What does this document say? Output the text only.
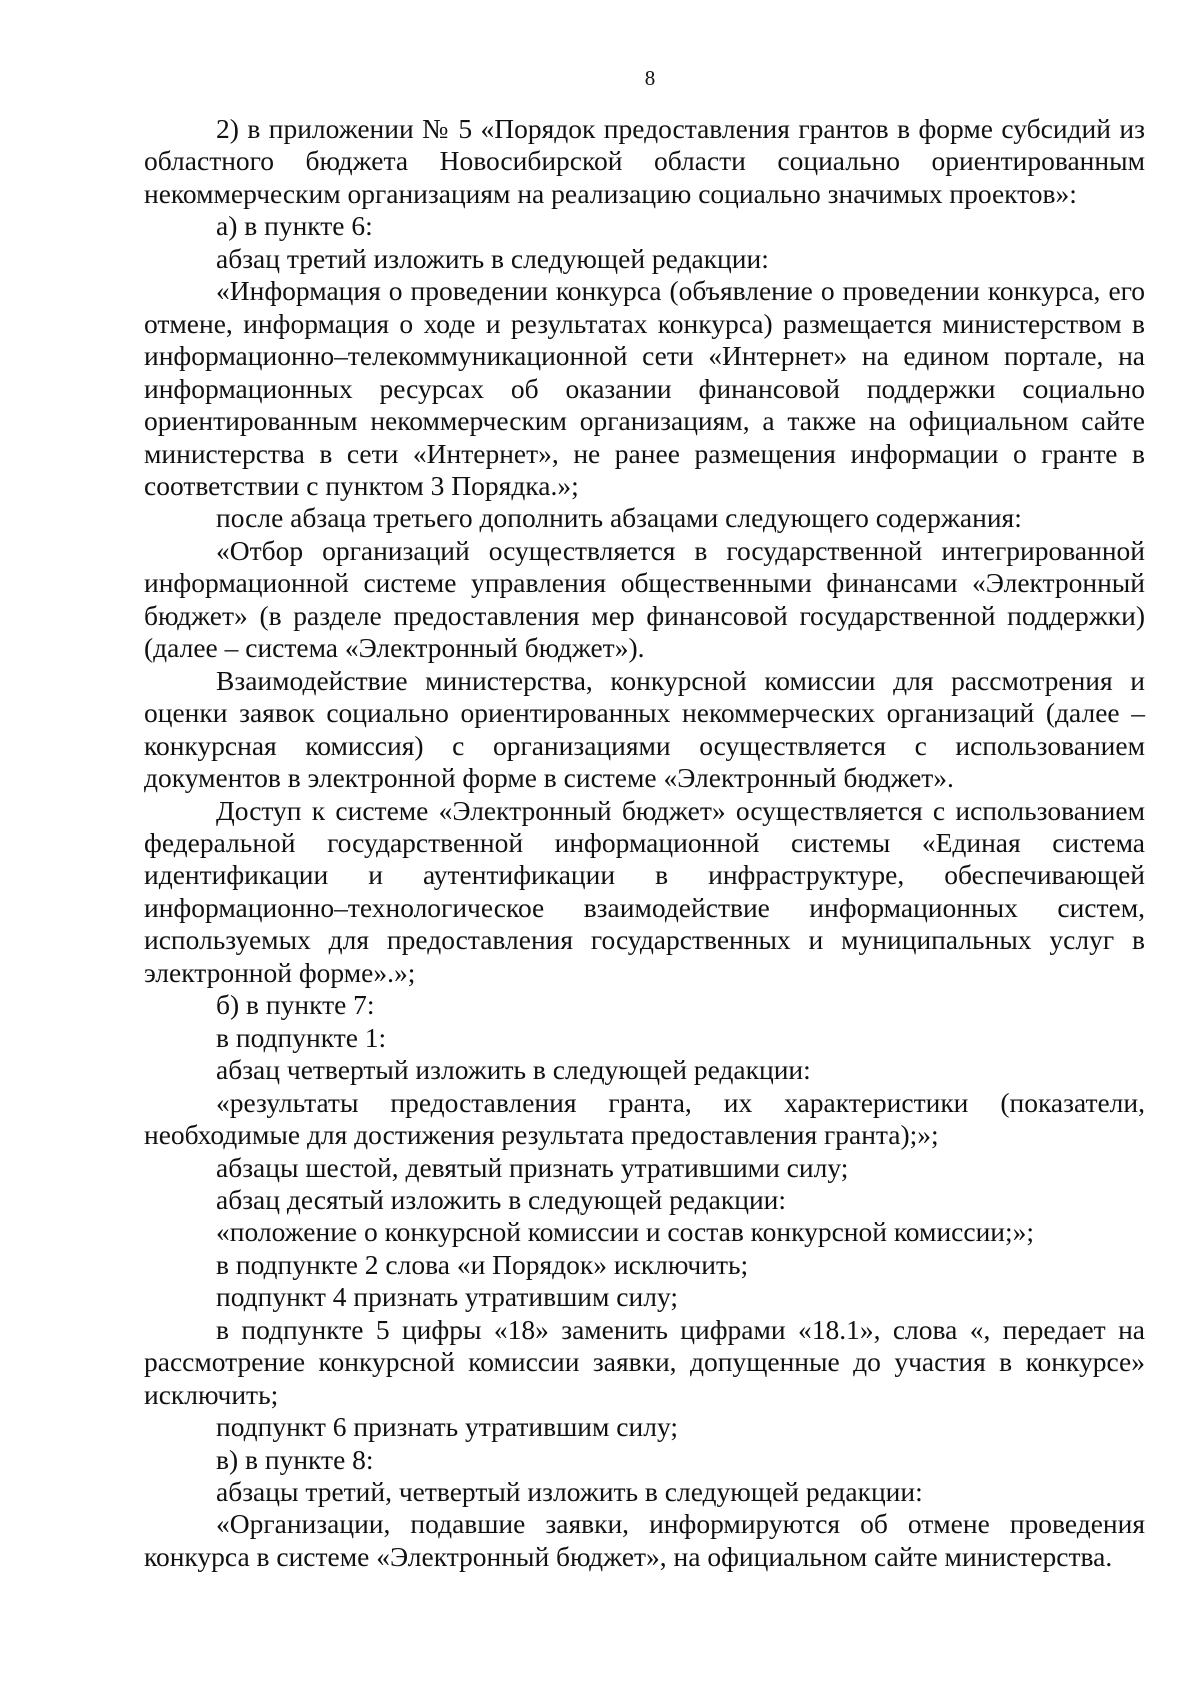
8

2) в приложении № 5 «Порядок предоставления грантов в форме субсидий из областного бюджета Новосибирской области социально ориентированным некоммерческим организациям на реализацию социально значимых проектов»:

а) в пункте 6:

абзац третий изложить в следующей редакции:

«Информация о проведении конкурса (объявление о проведении конкурса, его отмене, информация о ходе и результатах конкурса) размещается министерством в информационно–телекоммуникационной сети «Интернет» на едином портале, на информационных ресурсах об оказании финансовой поддержки социально ориентированным некоммерческим организациям, а также на официальном сайте министерства в сети «Интернет», не ранее размещения информации о гранте в соответствии с пунктом 3 Порядка.»;

после абзаца третьего дополнить абзацами следующего содержания:

«Отбор организаций осуществляется в государственной интегрированной информационной системе управления общественными финансами «Электронный бюджет» (в разделе предоставления мер финансовой государственной поддержки) (далее – система «Электронный бюджет»).

Взаимодействие министерства, конкурсной комиссии для рассмотрения и оценки заявок социально ориентированных некоммерческих организаций (далее – конкурсная комиссия) с организациями осуществляется с использованием документов в электронной форме в системе «Электронный бюджет».

Доступ к системе «Электронный бюджет» осуществляется с использованием федеральной государственной информационной системы «Единая система идентификации и аутентификации в инфраструктуре, обеспечивающей информационно–технологическое взаимодействие информационных систем, используемых для предоставления государственных и муниципальных услуг в электронной форме».»;

б) в пункте 7:

в подпункте 1:

абзац четвертый изложить в следующей редакции:

«результаты предоставления гранта, их характеристики (показатели, необходимые для достижения результата предоставления гранта);»;

абзацы шестой, девятый признать утратившими силу;

абзац десятый изложить в следующей редакции:

«положение о конкурсной комиссии и состав конкурсной комиссии;»;

в подпункте 2 слова «и Порядок» исключить;

подпункт 4 признать утратившим силу;

в подпункте 5 цифры «18» заменить цифрами «18.1», слова «, передает на рассмотрение конкурсной комиссии заявки, допущенные до участия в конкурсе» исключить;

подпункт 6 признать утратившим силу;

в) в пункте 8:

абзацы третий, четвертый изложить в следующей редакции:

«Организации, подавшие заявки, информируются об отмене проведения конкурса в системе «Электронный бюджет», на официальном сайте министерства.
